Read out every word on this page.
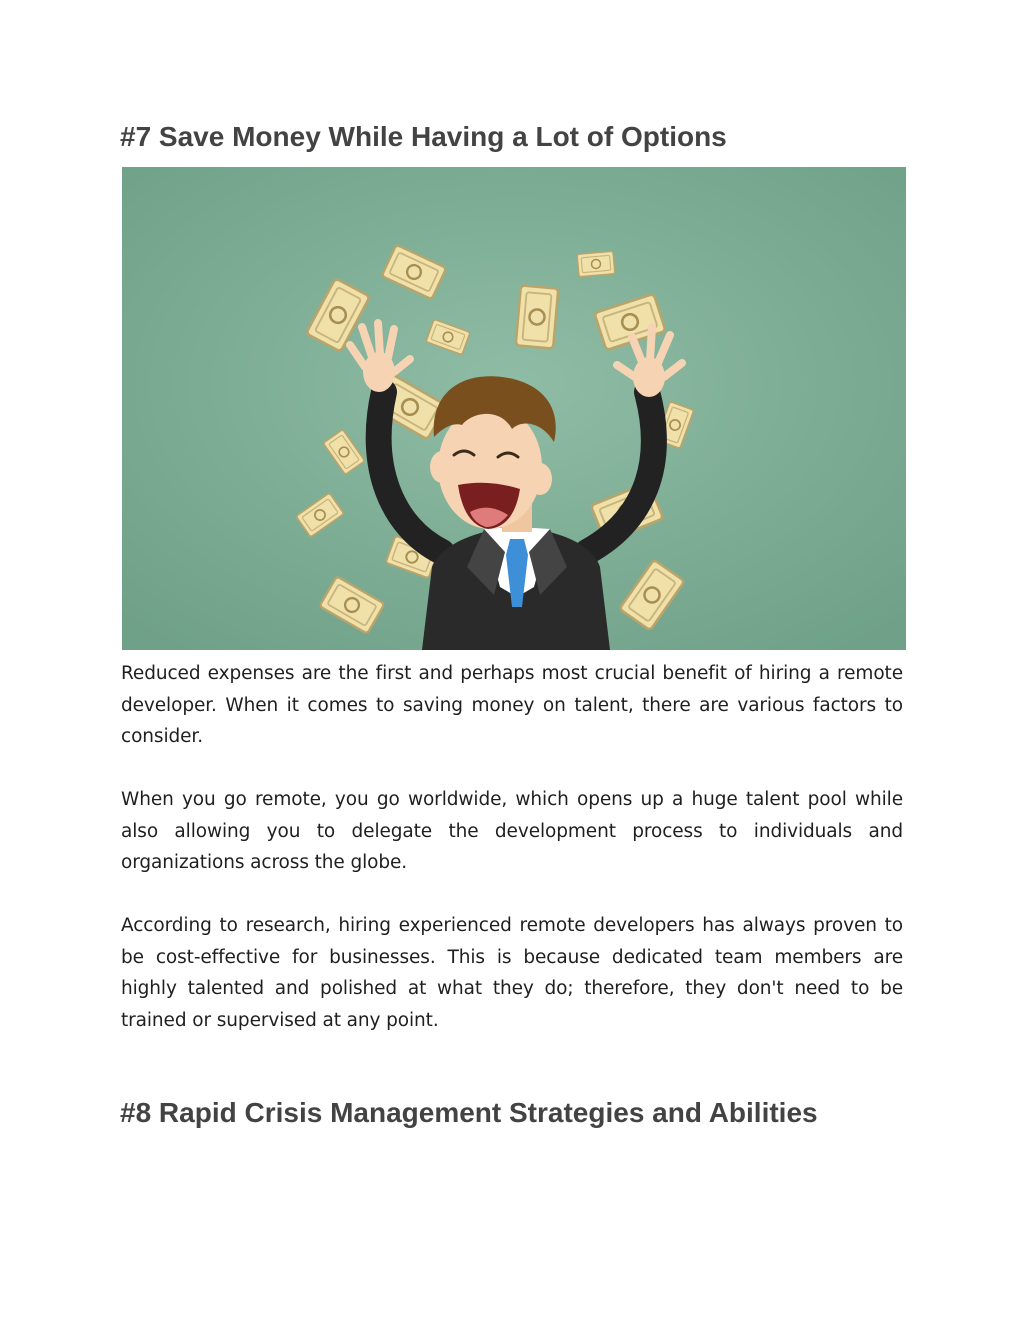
#7 Save Money While Having a Lot of Options

Reduced expenses are the first and perhaps most crucial benefit of hiring a remote developer. When it comes to saving money on talent, there are various factors to consider.

When you go remote, you go worldwide, which opens up a huge talent pool while also allowing you to delegate the development process to individuals and organizations across the globe.

According to research, hiring experienced remote developers has always proven to be cost-effective for businesses. This is because dedicated team members are highly talented and polished at what they do; therefore, they don't need to be trained or supervised at any point.

#8 Rapid Crisis Management Strategies and Abilities
